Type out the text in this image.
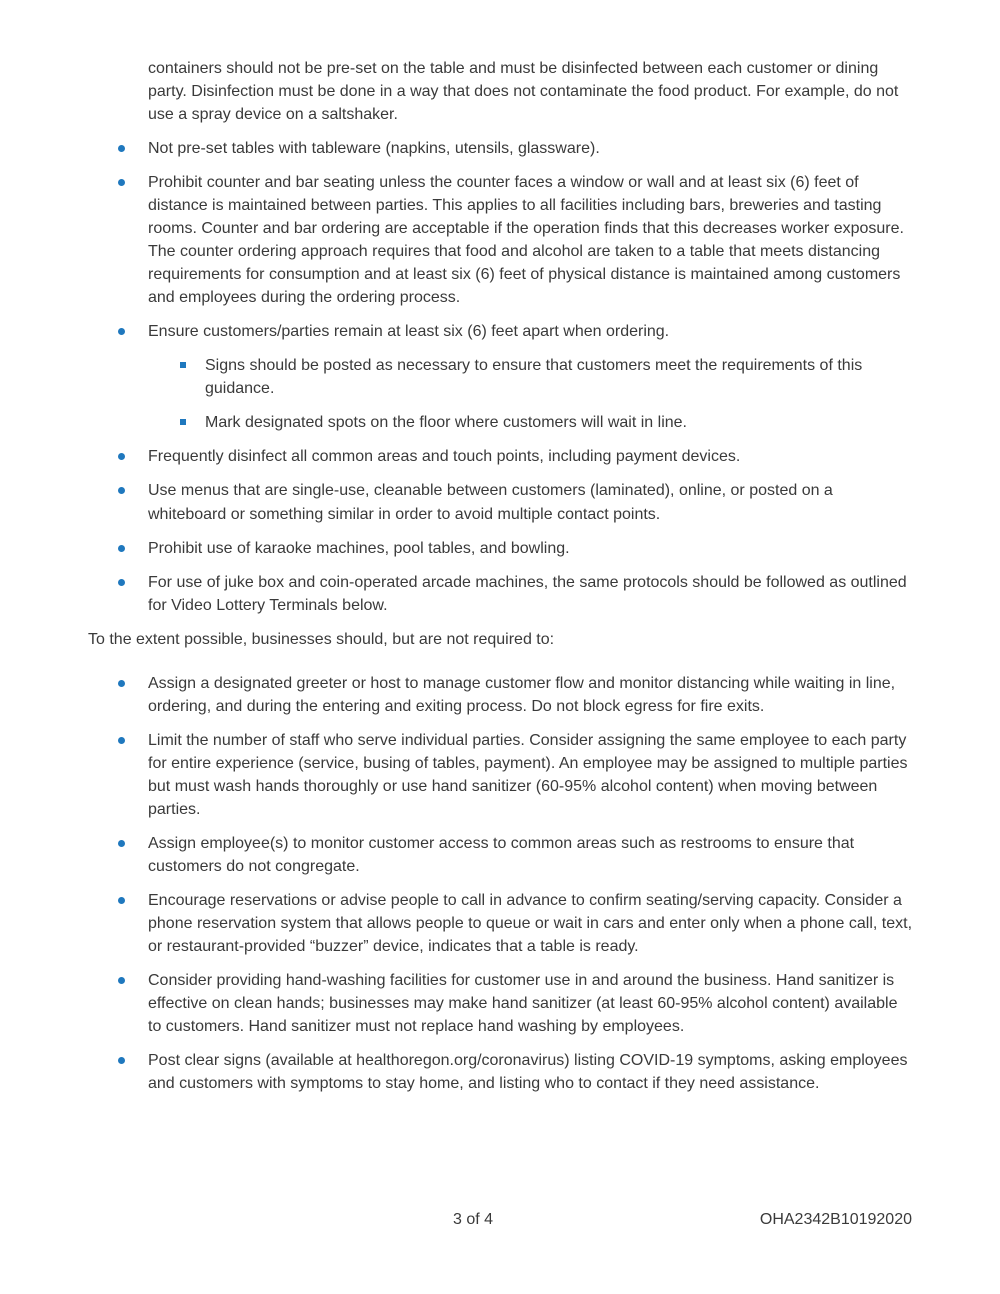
containers should not be pre-set on the table and must be disinfected between each customer or dining party. Disinfection must be done in a way that does not contaminate the food product. For example, do not use a spray device on a saltshaker.

Not pre-set tables with tableware (napkins, utensils, glassware).
Prohibit counter and bar seating unless the counter faces a window or wall and at least six (6) feet of distance is maintained between parties. This applies to all facilities including bars, breweries and tasting rooms. Counter and bar ordering are acceptable if the operation finds that this decreases worker exposure. The counter ordering approach requires that food and alcohol are taken to a table that meets distancing requirements for consumption and at least six (6) feet of physical distance is maintained among customers and employees during the ordering process.
Ensure customers/parties remain at least six (6) feet apart when ordering.
Signs should be posted as necessary to ensure that customers meet the requirements of this guidance.
Mark designated spots on the floor where customers will wait in line.
Frequently disinfect all common areas and touch points, including payment devices.
Use menus that are single-use, cleanable between customers (laminated), online, or posted on a whiteboard or something similar in order to avoid multiple contact points.
Prohibit use of karaoke machines, pool tables, and bowling.
For use of juke box and coin-operated arcade machines, the same protocols should be followed as outlined for Video Lottery Terminals below.

To the extent possible, businesses should, but are not required to:

Assign a designated greeter or host to manage customer flow and monitor distancing while waiting in line, ordering, and during the entering and exiting process. Do not block egress for fire exits.
Limit the number of staff who serve individual parties. Consider assigning the same employee to each party for entire experience (service, busing of tables, payment). An employee may be assigned to multiple parties but must wash hands thoroughly or use hand sanitizer (60-95% alcohol content) when moving between parties.
Assign employee(s) to monitor customer access to common areas such as restrooms to ensure that customers do not congregate.
Encourage reservations or advise people to call in advance to confirm seating/serving capacity. Consider a phone reservation system that allows people to queue or wait in cars and enter only when a phone call, text, or restaurant-provided “buzzer” device, indicates that a table is ready.
Consider providing hand-washing facilities for customer use in and around the business. Hand sanitizer is effective on clean hands; businesses may make hand sanitizer (at least 60-95% alcohol content) available to customers. Hand sanitizer must not replace hand washing by employees.
Post clear signs (available at healthoregon.org/coronavirus) listing COVID-19 symptoms, asking employees and customers with symptoms to stay home, and listing who to contact if they need assistance.
3 of 4	OHA2342B10192020
